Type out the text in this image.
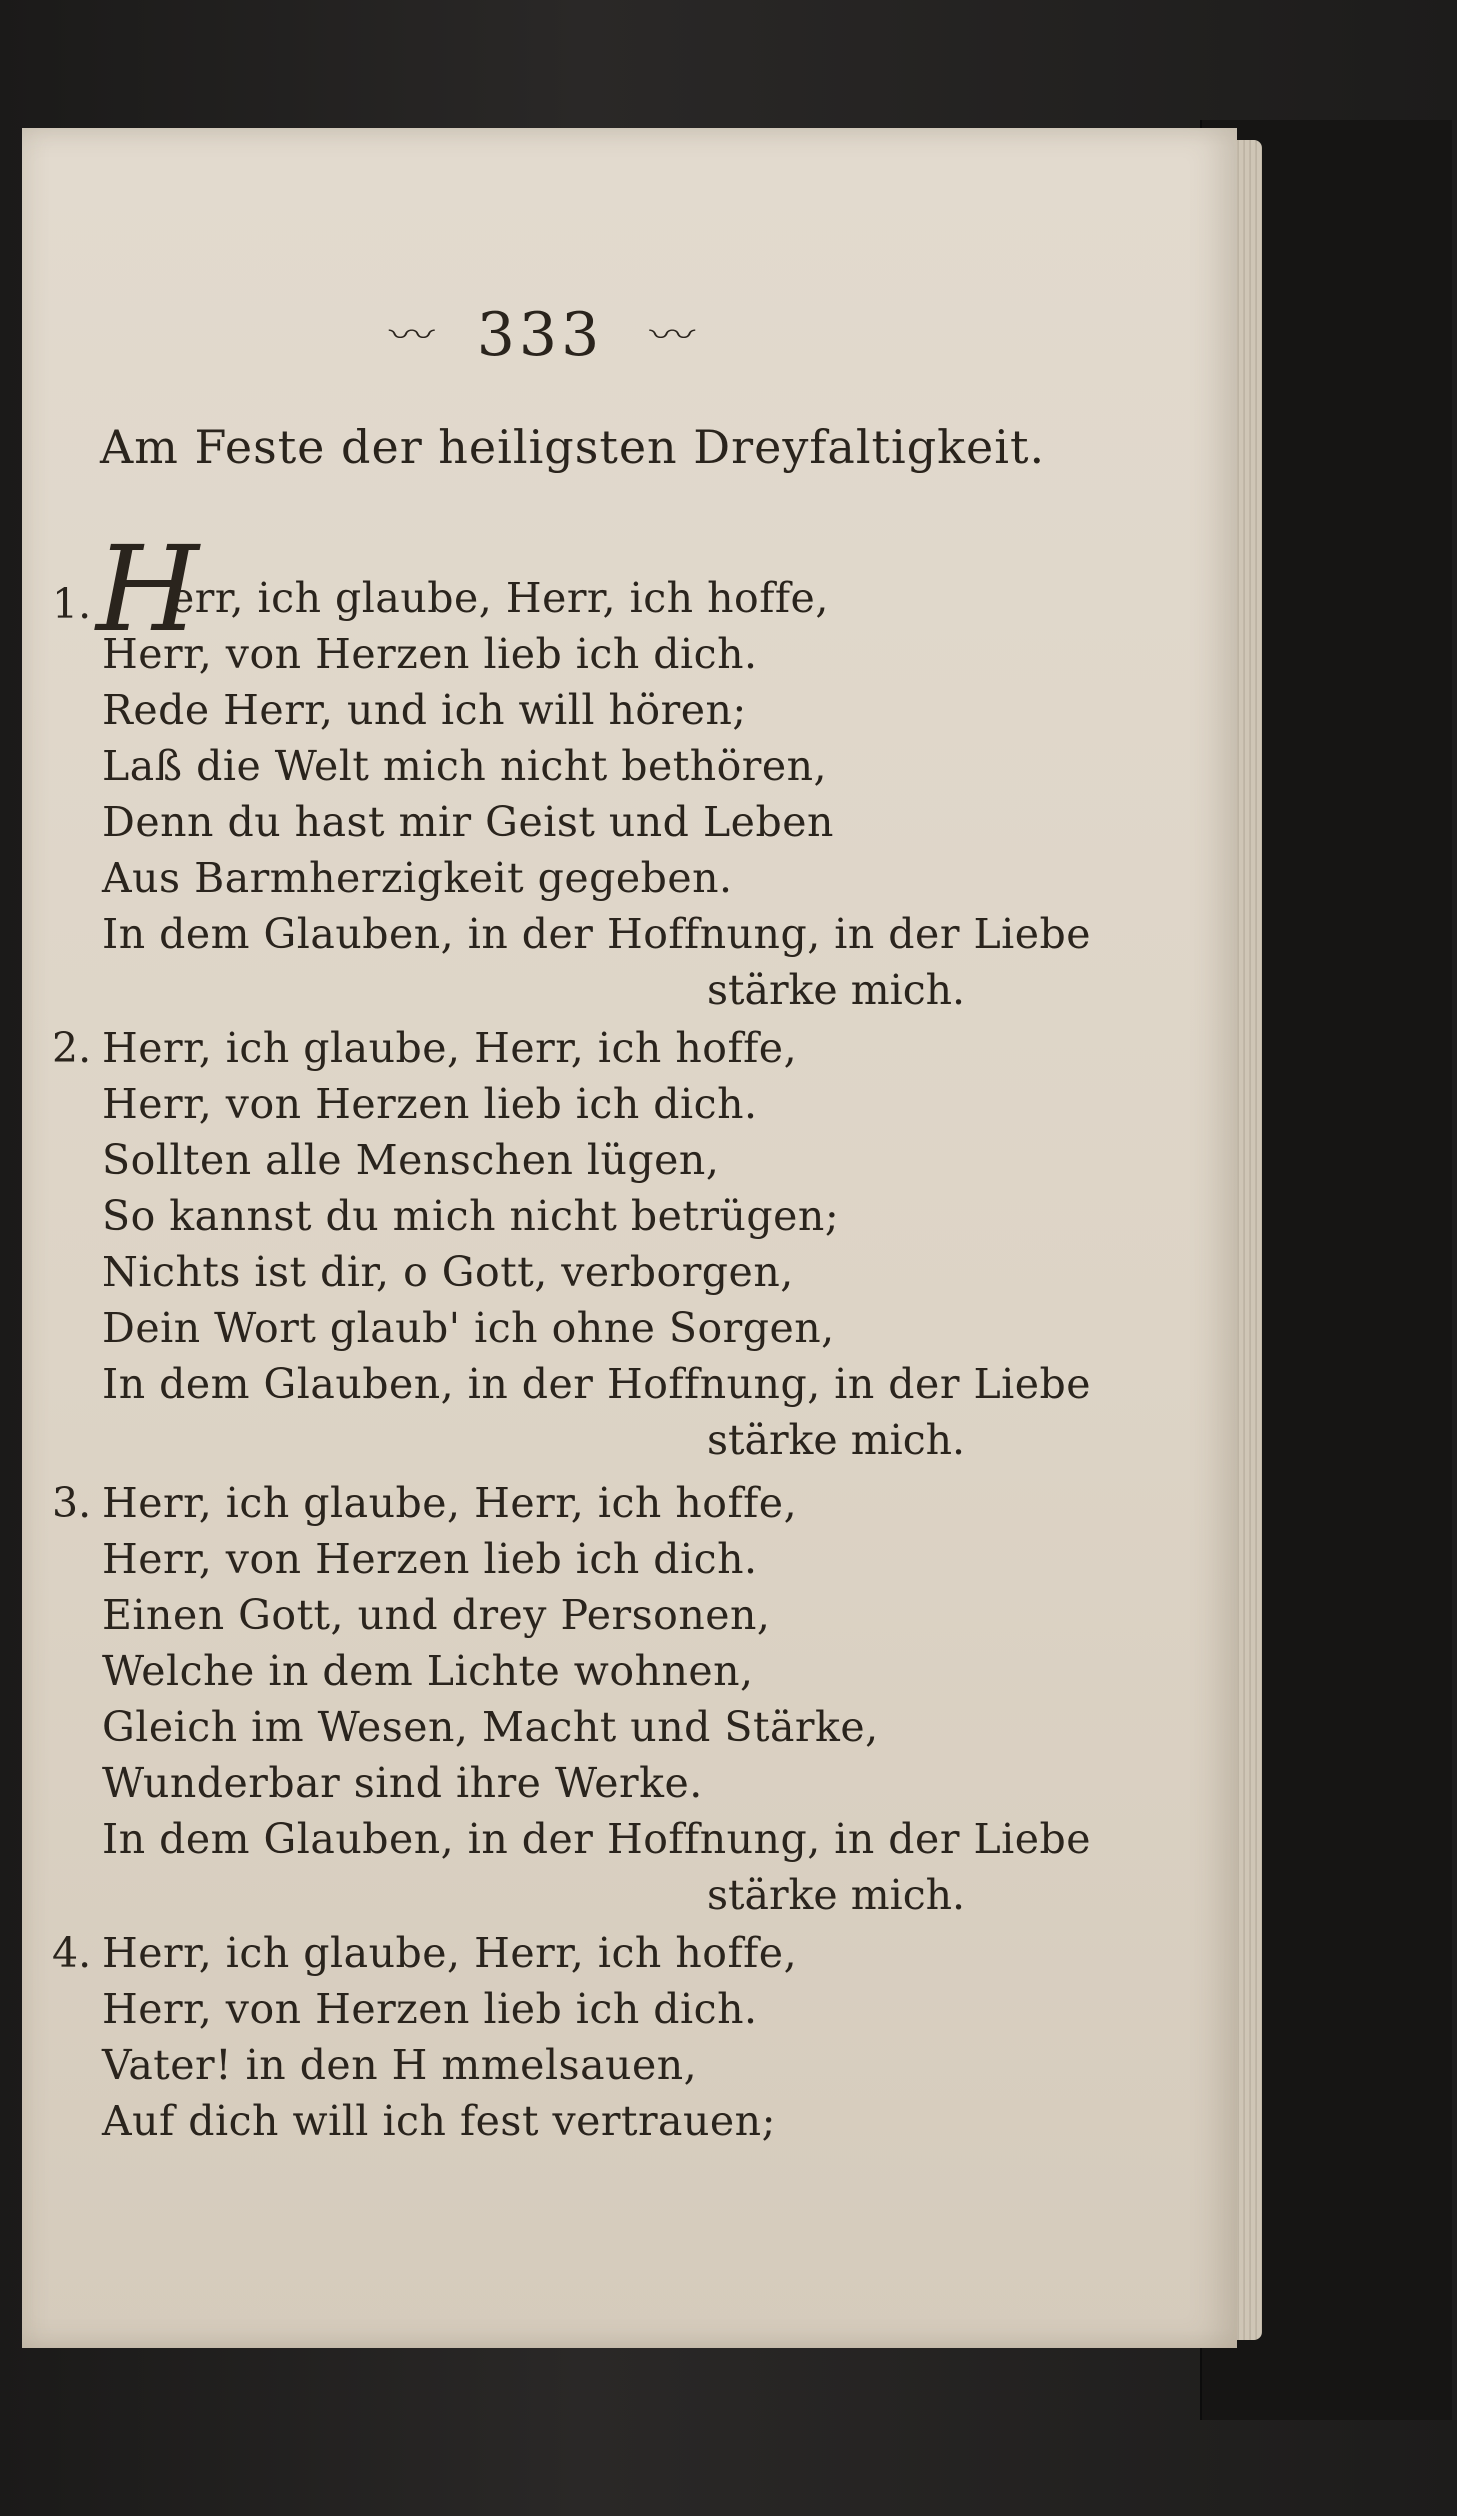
〰 333 〰
Am Feste der heiligsten Dreyfaltigkeit.
1. H
err, ich glaube, Herr, ich hoffe,
Herr, von Herzen lieb ich dich.
Rede Herr, und ich will hören;
Laß die Welt mich nicht bethören,
Denn du hast mir Geist und Leben
Aus Barmherzigkeit gegeben.
In dem Glauben, in der Hoffnung, in der Liebe
stärke mich.
2. Herr, ich glaube, Herr, ich hoffe,
Herr, von Herzen lieb ich dich.
Sollten alle Menschen lügen,
So kannst du mich nicht betrügen;
Nichts ist dir, o Gott, verborgen,
Dein Wort glaub' ich ohne Sorgen,
In dem Glauben, in der Hoffnung, in der Liebe
stärke mich.
3. Herr, ich glaube, Herr, ich hoffe,
Herr, von Herzen lieb ich dich.
Einen Gott, und drey Personen,
Welche in dem Lichte wohnen,
Gleich im Wesen, Macht und Stärke,
Wunderbar sind ihre Werke.
In dem Glauben, in der Hoffnung, in der Liebe
stärke mich.
4. Herr, ich glaube, Herr, ich hoffe,
Herr, von Herzen lieb ich dich.
Vater! in den H mmelsauen,
Auf dich will ich fest vertrauen;
